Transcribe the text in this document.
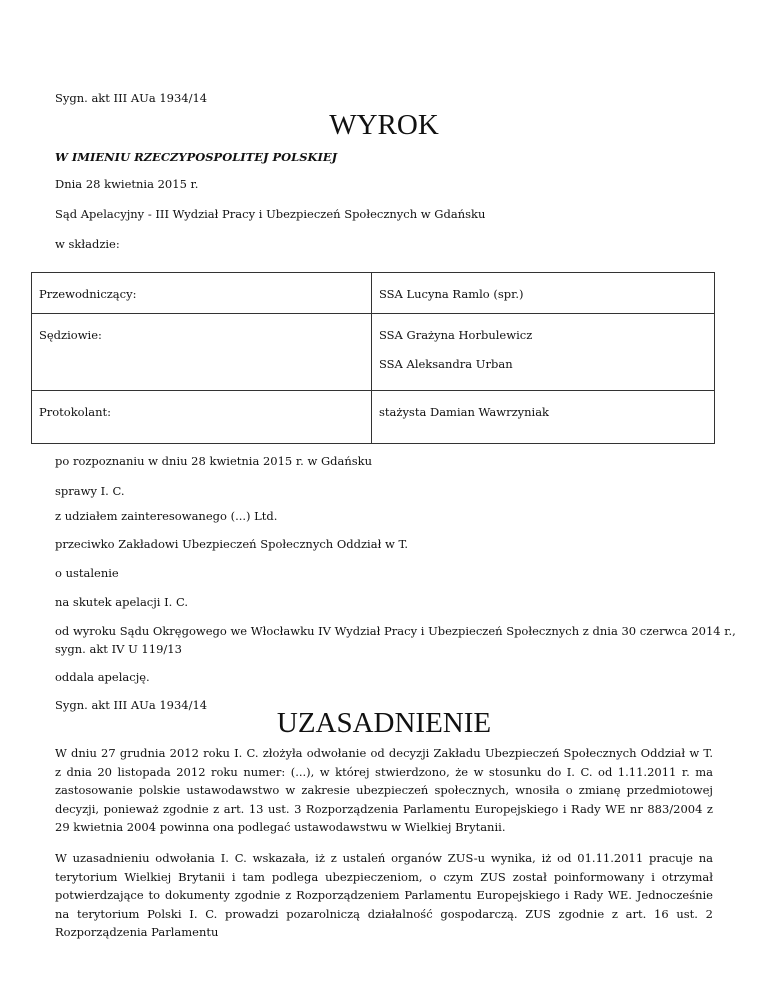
Sygn. akt III AUa 1934/14
WYROK
W IMIENIU RZECZYPOSPOLITEJ POLSKIEJ
Dnia 28 kwietnia 2015 r.
Sąd Apelacyjny - III Wydział Pracy i Ubezpieczeń Społecznych w Gdańsku
w składzie:
Przewodniczący:	SSA Lucyna Ramlo (spr.)
Sędziowie:	SSA Grażyna Horbulewicz
SSA Aleksandra Urban

Protokolant:	stażysta Damian Wawrzyniak
po rozpoznaniu w dniu 28 kwietnia 2015 r. w Gdańsku
sprawy I. C.
z udziałem zainteresowanego (...) Ltd.
przeciwko Zakładowi Ubezpieczeń Społecznych Oddział w T.
o ustalenie
na skutek apelacji I. C.
od wyroku Sądu Okręgowego we Włocławku IV Wydział Pracy i Ubezpieczeń Społecznych z dnia 30 czerwca 2014 r.,
sygn. akt IV U 119/13
oddala apelację.
Sygn. akt III AUa 1934/14
UZASADNIENIE

W dniu 27 grudnia 2012 roku I. C. złożyła odwołanie od decyzji Zakładu Ubezpieczeń Społecznych Oddział w T. z dnia 20 listopada 2012 roku numer: (...), w której stwierdzono, że w stosunku do I. C. od 1.11.2011 r. ma zastosowanie polskie ustawodawstwo w zakresie ubezpieczeń społecznych, wnosiła o zmianę przedmiotowej decyzji, ponieważ zgodnie z art. 13 ust. 3 Rozporządzenia Parlamentu Europejskiego i Rady WE nr 883/2004 z 29 kwietnia 2004 powinna ona podlegać ustawodawstwu w Wielkiej Brytanii.

W uzasadnieniu odwołania I. C. wskazała, iż z ustaleń organów ZUS-u wynika, iż od 01.11.2011 pracuje na terytorium Wielkiej Brytanii i tam podlega ubezpieczeniom, o czym ZUS został poinformowany i otrzymał potwierdzające to dokumenty zgodnie z Rozporządzeniem Parlamentu Europejskiego i Rady WE. Jednocześnie na terytorium Polski I. C. prowadzi pozarolniczą działalność gospodarczą. ZUS zgodnie z art. 16 ust. 2 Rozporządzenia Parlamentu
